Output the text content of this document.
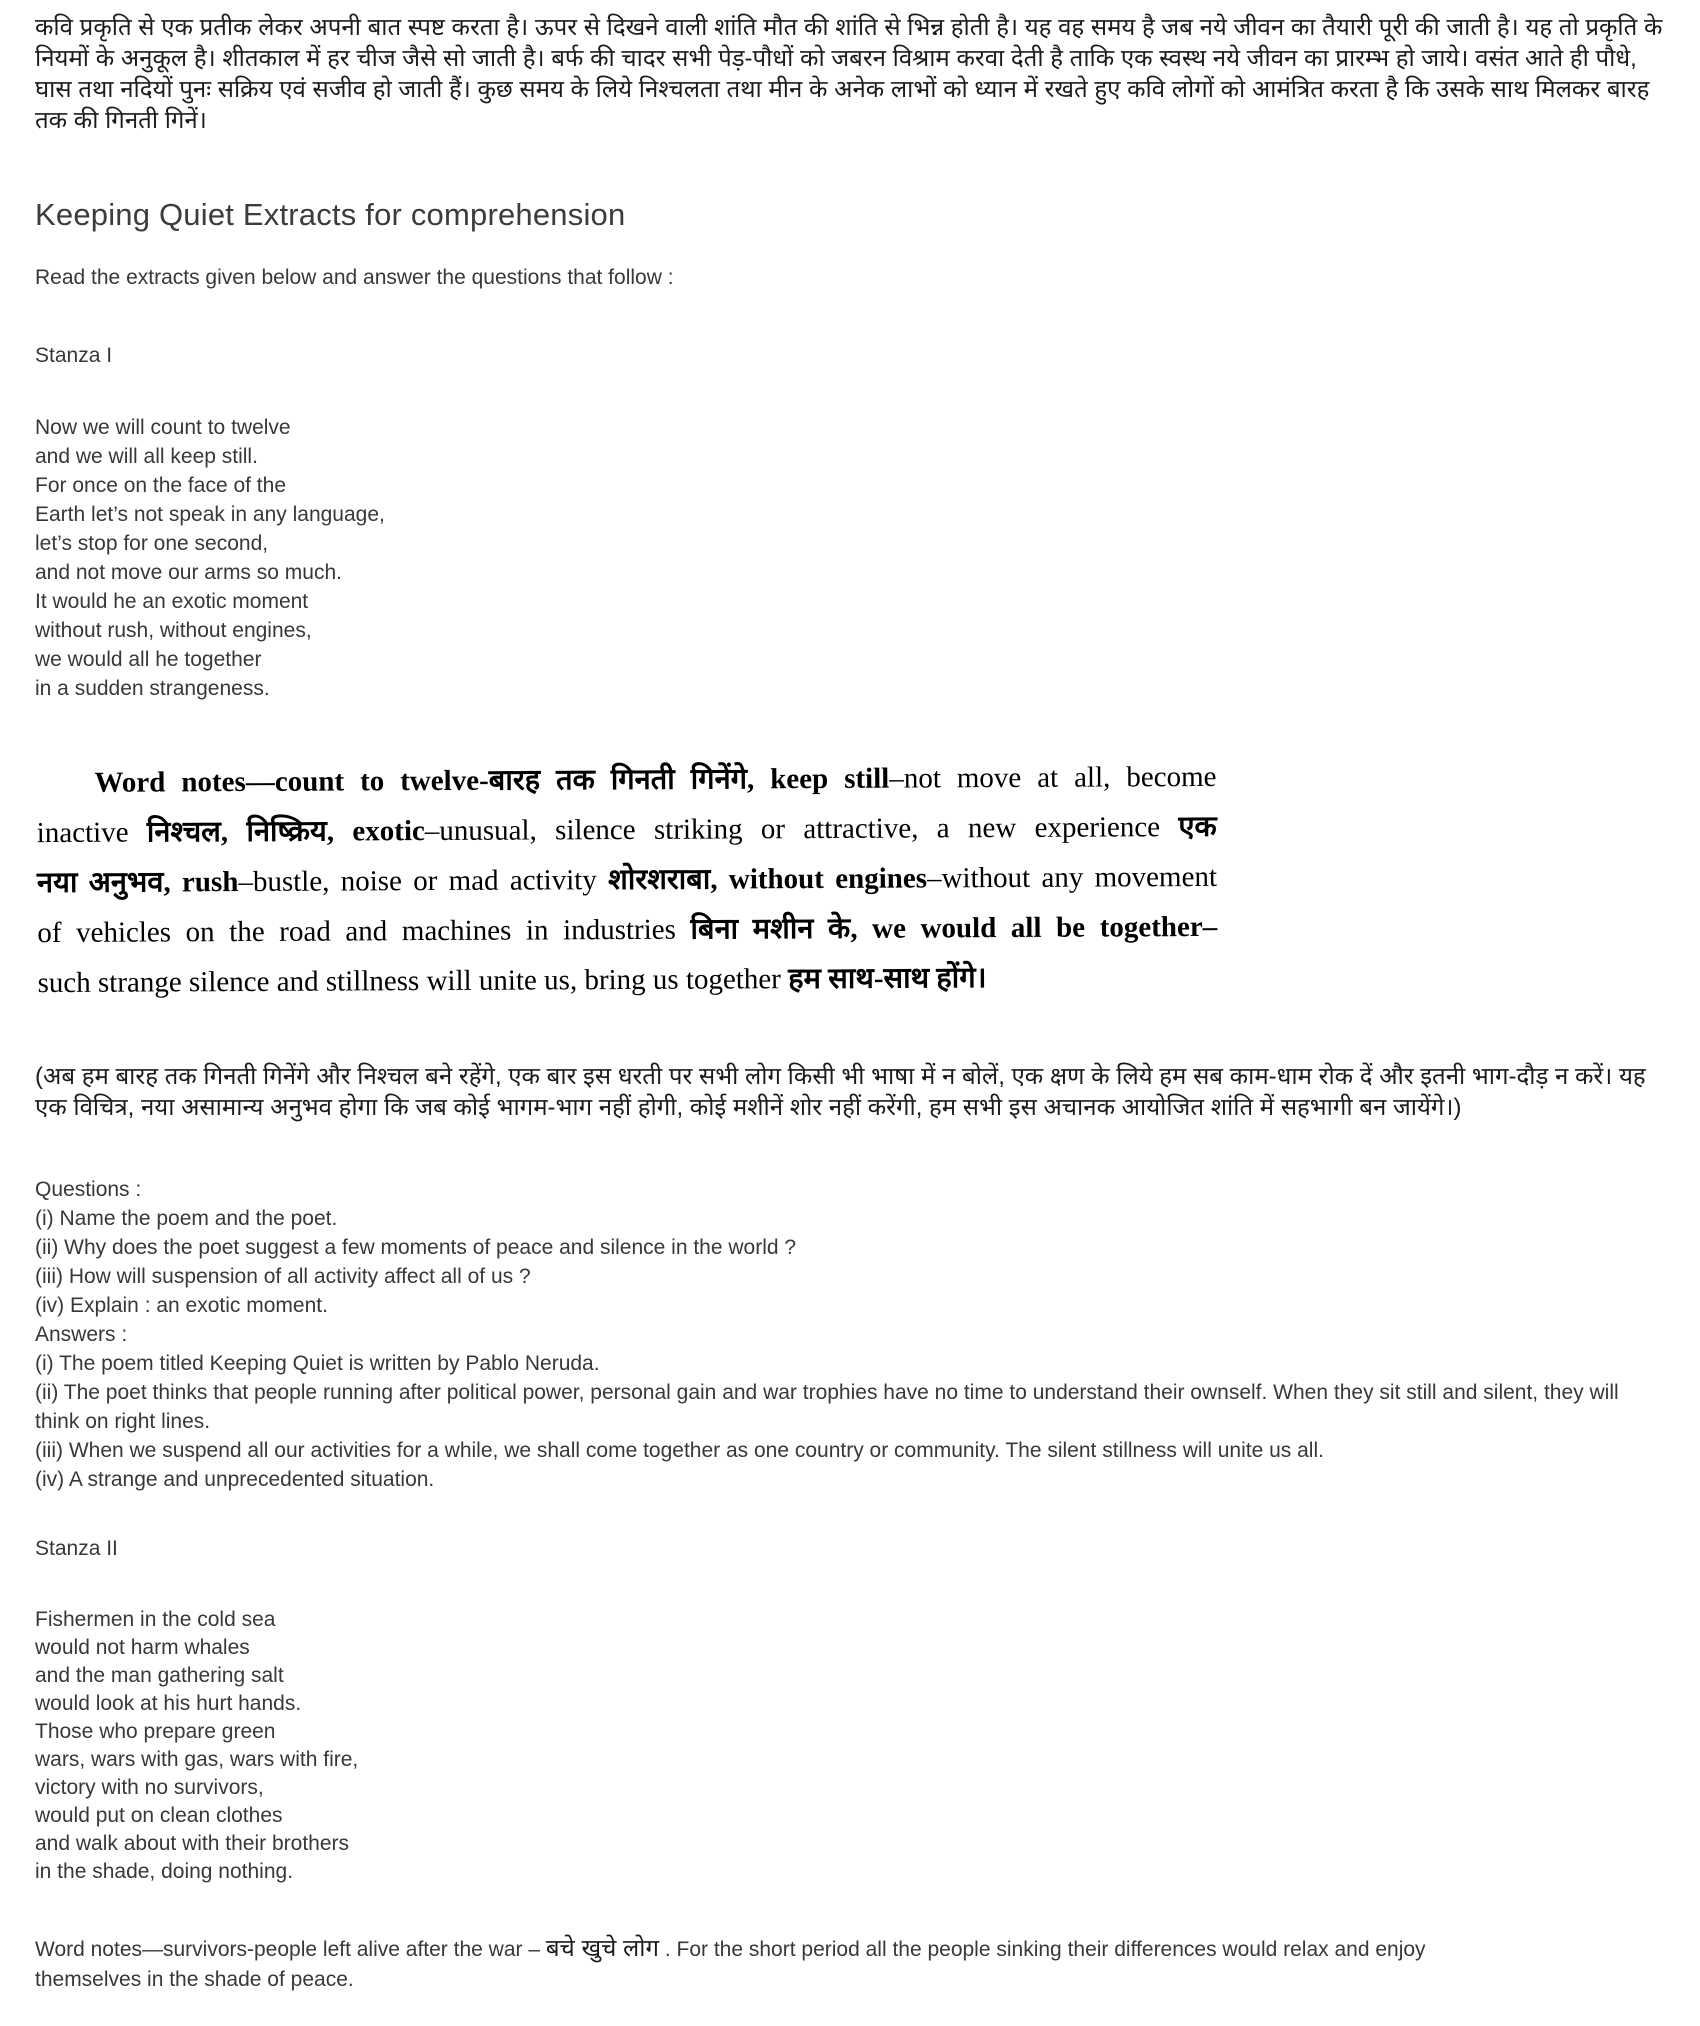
कवि प्रकृति से एक प्रतीक लेकर अपनी बात स्पष्ट करता है। ऊपर से दिखने वाली शांति मौत की शांति से भिन्न होती है। यह वह समय है जब नये जीवन का तैयारी पूरी की जाती है। यह तो प्रकृति के नियमों के अनुकूल है। शीतकाल में हर चीज जैसे सो जाती है। बर्फ की चादर सभी पेड़-पौधों को जबरन विश्राम करवा देती है ताकि एक स्वस्थ नये जीवन का प्रारम्भ हो जाये। वसंत आते ही पौधे, घास तथा नदियों पुनः सक्रिय एवं सजीव हो जाती हैं। कुछ समय के लिये निश्चलता तथा मीन के अनेक लाभों को ध्यान में रखते हुए कवि लोगों को आमंत्रित करता है कि उसके साथ मिलकर बारह तक की गिनती गिनें।

Keeping Quiet Extracts for comprehension

Read the extracts given below and answer the questions that follow :

Stanza I

Now we will count to twelve
and we will all keep still.
For once on the face of the
Earth let’s not speak in any language,
let’s stop for one second,
and not move our arms so much.
It would he an exotic moment
without rush, without engines,
we would all he together
in a sudden strangeness.
Word notes—count to twelve-बारह तक गिनती गिनेंगे, keep still–not move at all, become
inactive निश्चल, निष्क्रिय, exotic–unusual, silence striking or attractive, a new experience एक
नया अनुभव, rush–bustle, noise or mad activity शोरशराबा, without engines–without any movement
of vehicles on the road and machines in industries बिना मशीन के, we would all be together–
such strange silence and stillness will unite us, bring us together हम साथ-साथ होंगे।

(अब हम बारह तक गिनती गिनेंगे और निश्चल बने रहेंगे, एक बार इस धरती पर सभी लोग किसी भी भाषा में न बोलें, एक क्षण के लिये हम सब काम-धाम रोक दें और इतनी भाग-दौड़ न करें। यह एक विचित्र, नया असामान्य अनुभव होगा कि जब कोई भागम-भाग नहीं होगी, कोई मशीनें शोर नहीं करेंगी, हम सभी इस अचानक आयोजित शांति में सहभागी बन जायेंगे।)

Questions :

(i) Name the poem and the poet.

(ii) Why does the poet suggest a few moments of peace and silence in the world ?

(iii) How will suspension of all activity affect all of us ?

(iv) Explain : an exotic moment.

Answers :

(i) The poem titled Keeping Quiet is written by Pablo Neruda.

(ii) The poet thinks that people running after political power, personal gain and war trophies have no time to understand their ownself. When they sit still and silent, they will think on right lines.

(iii) When we suspend all our activities for a while, we shall come together as one country or community. The silent stillness will unite us all.

(iv) A strange and unprecedented situation.

Stanza II

Fishermen in the cold sea
would not harm whales
and the man gathering salt
would look at his hurt hands.
Those who prepare green
wars, wars with gas, wars with fire,
victory with no survivors,
would put on clean clothes
and walk about with their brothers
in the shade, doing nothing.

Word notes—survivors-people left alive after the war – बचे खुचे लोग . For the short period all the people sinking their differences would relax and enjoy themselves in the shade of peace.
